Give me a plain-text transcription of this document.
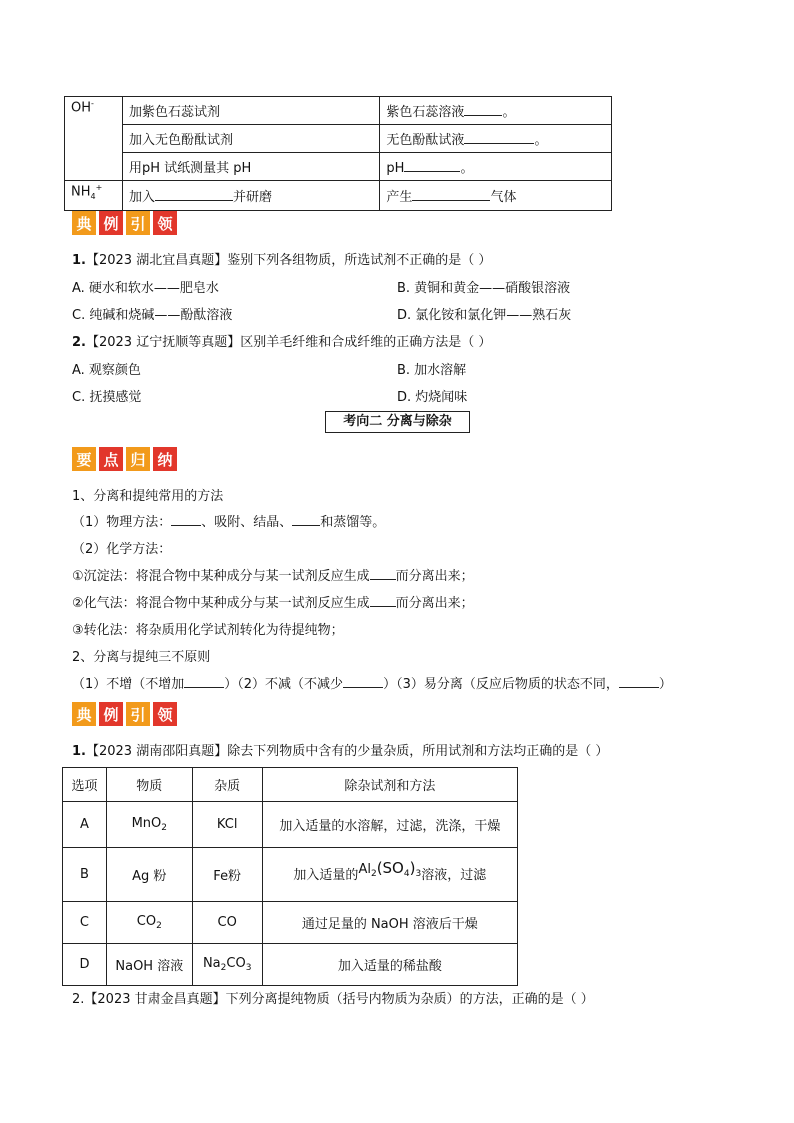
OH-	加紫色石蕊试剂	紫色石蕊溶液 。
	加入无色酚酞试剂	无色酚酞试液 。
	用pH 试纸测量其 pH	pH 。
$NH_4^+$	加入 并研磨	产生 气体
典 例 引 领
1.【2023 湖北宜昌真题】鉴别下列各组物质，所选试剂不正确的是（ ）
A. 硬水和软水——肥皂水	B. 黄铜和黄金——硝酸银溶液
C. 纯碱和烧碱——酚酞溶液	D. 氯化铵和氯化钾——熟石灰
2.【2023 辽宁抚顺等真题】区别羊毛纤维和合成纤维的正确方法是（ ）
A. 观察颜色	B. 加水溶解
C. 抚摸感觉	D. 灼烧闻味
考向二 分离与除杂
要 点 归 纳
1、分离和提纯常用的方法
（1）物理方法： 、吸附、结晶、 和蒸馏等。
（2）化学方法：
①沉淀法：将混合物中某种成分与某一试剂反应生成 而分离出来；
②化气法：将混合物中某种成分与某一试剂反应生成 而分离出来；
③转化法：将杂质用化学试剂转化为待提纯物；
2、分离与提纯三不原则
（1）不增（不增加	）（2）不减（不减少	）（3）易分离（反应后物质的状态不同，	）
典 例 引 领
1.【2023 湖南邵阳真题】除去下列物质中含有的少量杂质，所用试剂和方法均正确的是（ ）
选项	物质	杂质	除杂试剂和方法
A	MnO$_2$	KCl	加入适量的水溶解，过滤，洗涤，干燥
B	Ag 粉	Fe粉	加入适量的$Al_2(SO_4)_3$溶液，过滤
C	$CO_2$	CO	通过足量的 NaOH 溶液后干燥
D	NaOH 溶液	$Na_2CO_3$	加入适量的稀盐酸
2.【2023 甘肃金昌真题】下列分离提纯物质（括号内物质为杂质）的方法，正确的是（ ）
